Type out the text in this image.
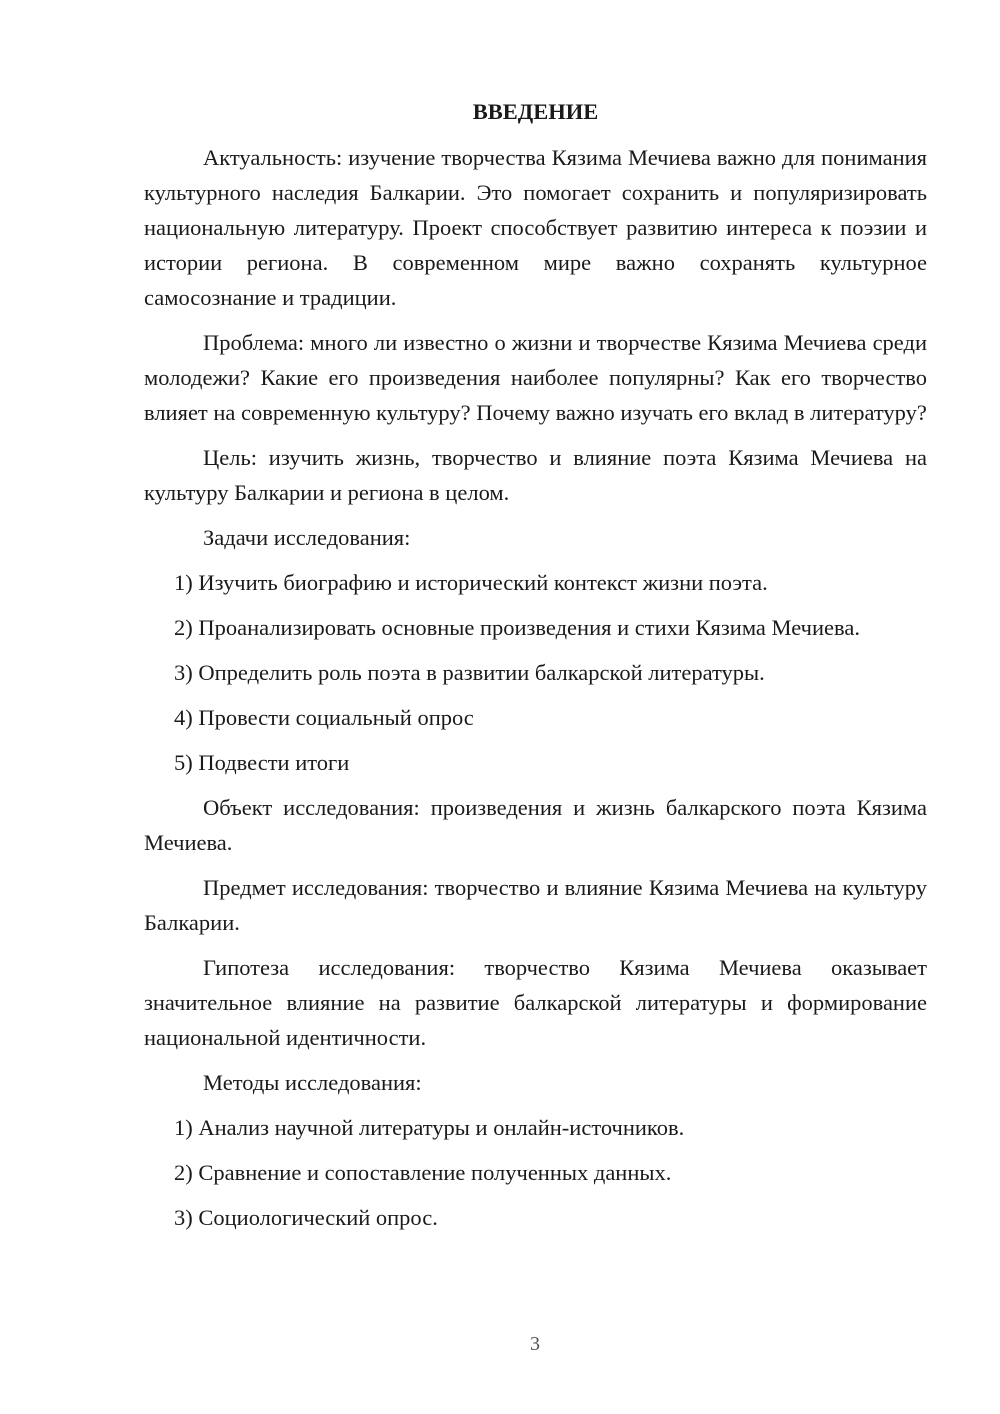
ВВЕДЕНИЕ

Актуальность: изучение творчества Кязима Мечиева важно для понимания культурного наследия Балкарии. Это помогает сохранить и популяризировать национальную литературу. Проект способствует развитию интереса к поэзии и истории региона. В современном мире важно сохранять культурное самосознание и традиции.

Проблема: много ли известно о жизни и творчестве Кязима Мечиева среди молодежи? Какие его произведения наиболее популярны? Как его творчество влияет на современную культуру? Почему важно изучать его вклад в литературу?

Цель: изучить жизнь, творчество и влияние поэта Кязима Мечиева на культуру Балкарии и региона в целом.

Задачи исследования:

1) Изучить биографию и исторический контекст жизни поэта.

2) Проанализировать основные произведения и стихи Кязима Мечиева.

3) Определить роль поэта в развитии балкарской литературы.

4) Провести социальный опрос

5) Подвести итоги

Объект исследования: произведения и жизнь балкарского поэта Кязима Мечиева.

Предмет исследования: творчество и влияние Кязима Мечиева на культуру Балкарии.

Гипотеза исследования: творчество Кязима Мечиева оказывает значительное влияние на развитие балкарской литературы и формирование национальной идентичности.

Методы исследования:

1) Анализ научной литературы и онлайн-источников.

2) Сравнение и сопоставление полученных данных.

3) Социологический опрос.

3
